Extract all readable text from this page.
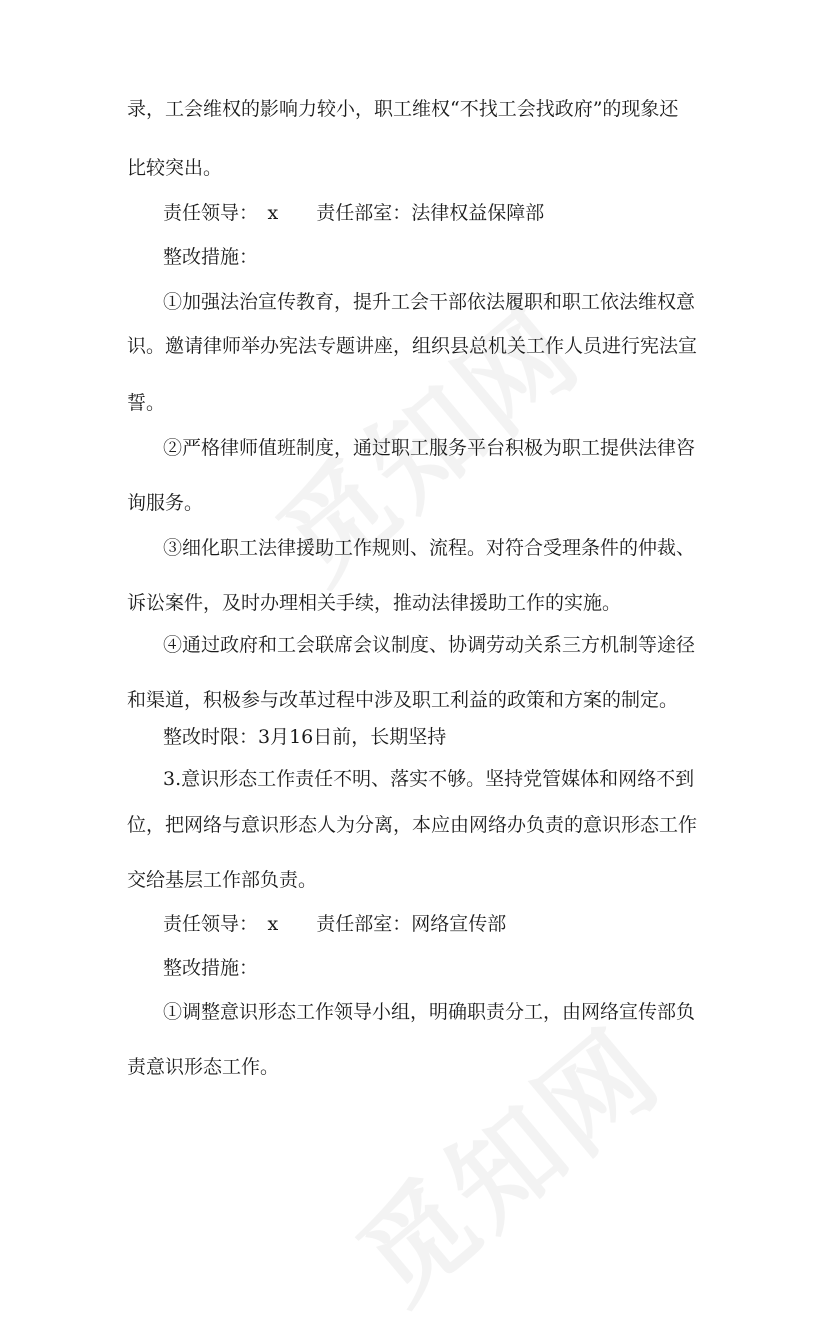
录，工会维权的影响力较小，职工维权“不找工会找政府”的现象还

比较突出。

责任领导：　x　　责任部室：法律权益保障部

整改措施：

①加强法治宣传教育，提升工会干部依法履职和职工依法维权意

识。邀请律师举办宪法专题讲座，组织县总机关工作人员进行宪法宣

誓。

②严格律师值班制度，通过职工服务平台积极为职工提供法律咨

询服务。

③细化职工法律援助工作规则、流程。对符合受理条件的仲裁、

诉讼案件，及时办理相关手续，推动法律援助工作的实施。

④通过政府和工会联席会议制度、协调劳动关系三方机制等途径

和渠道，积极参与改革过程中涉及职工利益的政策和方案的制定。

整改时限：3月16日前，长期坚持

3.意识形态工作责任不明、落实不够。坚持党管媒体和网络不到

位，把网络与意识形态人为分离，本应由网络办负责的意识形态工作

交给基层工作部负责。

责任领导：　x　　责任部室：网络宣传部

整改措施：

①调整意识形态工作领导小组，明确职责分工，由网络宣传部负

责意识形态工作。
